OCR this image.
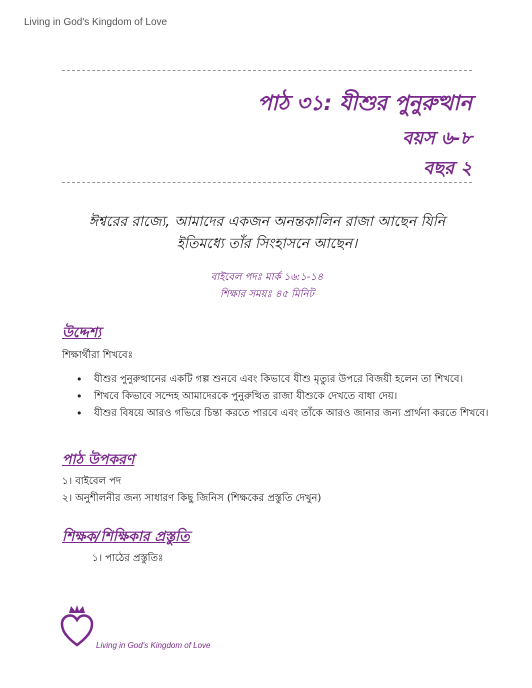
Living in God's Kingdom of Love
পাঠ ৩১: যীশুর পুনুরুত্থান
বয়স ৬-৮
বছর ২
ঈশ্বরের রাজ্যে, আমাদের একজন অনন্তকালিন রাজা আছেন যিনি
ইতিমধ্যে তাঁর সিংহাসনে আছেন।
বাইবেল পদঃ মার্ক ১৬:১-১৪
শিক্ষার সময়ঃ ৪৫ মিনিট
উদ্দেশ্য
শিক্ষার্থীরা শিখবেঃ
• যীশুর পুনুরুত্থানের একটি গল্প শুনবে এবং কিভাবে যীশু মৃত্যুর উপরে বিজয়ী হলেন তা শিখবে।
• শিখবে কিভাবে সন্দেহ আমাদেরকে পুনুরুত্থিত রাজা যীশুকে দেখতে বাধা দেয়।
• যীশুর বিষয়ে আরও গভিরে চিন্তা করতে পারবে এবং তাঁকে আরও জানার জন্য প্রার্থনা করতে শিখবে।
পাঠ উপকরণ
১। বাইবেল পদ
২। অনুশীলনীর জন্য সাধারণ কিছু জিনিস (শিক্ষকের প্রস্তুতি দেখুন)
শিক্ষক/শিক্ষিকার প্রস্তুতি
১। পাঠের প্রস্তুতিঃ
Living in God's Kingdom of Love
